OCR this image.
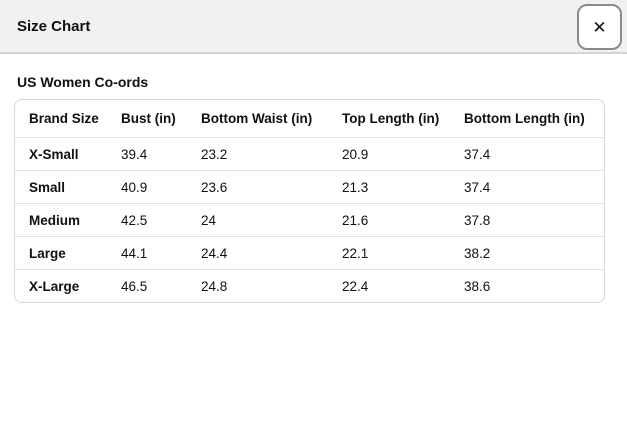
Size Chart	✕
US Women Co-ords
Brand Size	Bust (in)	Bottom Waist (in)	Top Length (in)	Bottom Length (in)
X-Small	39.4	23.2	20.9	37.4
Small	40.9	23.6	21.3	37.4
Medium	42.5	24	21.6	37.8
Large	44.1	24.4	22.1	38.2
X-Large	46.5	24.8	22.4	38.6
